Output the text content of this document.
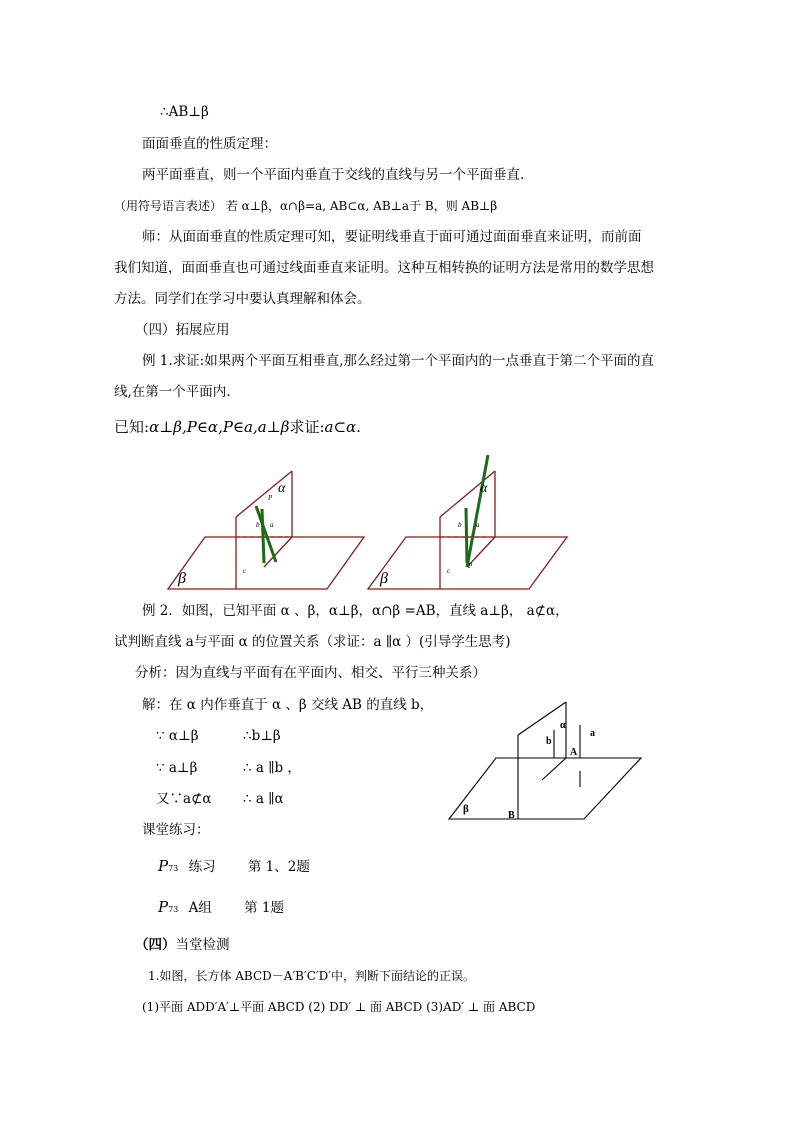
∴AB⊥β
面面垂直的性质定理：
两平面垂直，则一个平面内垂直于交线的直线与另一个平面垂直.
（用符号语言表述） 若 α⊥β，α∩β=a, AB⊂α, AB⊥a于 B，则 AB⊥β
师：从面面垂直的性质定理可知，要证明线垂直于面可通过面面垂直来证明，而前面
我们知道，面面垂直也可通过线面垂直来证明。这种互相转换的证明方法是常用的数学思想
方法。同学们在学习中要认真理解和体会。
（四）拓展应用
例 1.求证:如果两个平面互相垂直,那么经过第一个平面内的一点垂直于第二个平面的直
线,在第一个平面内.
已知:α⊥β,P∈α,P∈a,a⊥β求证:a⊂α.
α
P
b a
c
β
α
P
b a
c
β
例 2．如图，已知平面 α 、β，α⊥β，α∩β =AB，直线 a⊥β， a⊄α，
试判断直线 a与平面 α 的位置关系（求证：a ∥α ）(引导学生思考)
分析：因为直线与平面有在平面内、相交、平行三种关系）
解：在 α 内作垂直于 α 、β 交线 AB 的直线 b，
∵ α⊥β	∴b⊥β
∵ a⊥β	∴ a ∥b ，
又∵a⊄α ∴ a ∥α
α
a
b
A
β
B
课堂练习：
P73 练习 第 1、2题
P73 A组 第 1题
（四）当堂检测
1.如图，长方体 ABCD－A′B′C′D′中，判断下面结论的正误。
(1)平面 ADD′A′⊥平面 ABCD (2) DD′ ⊥ 面 ABCD (3)AD′ ⊥ 面 ABCD
